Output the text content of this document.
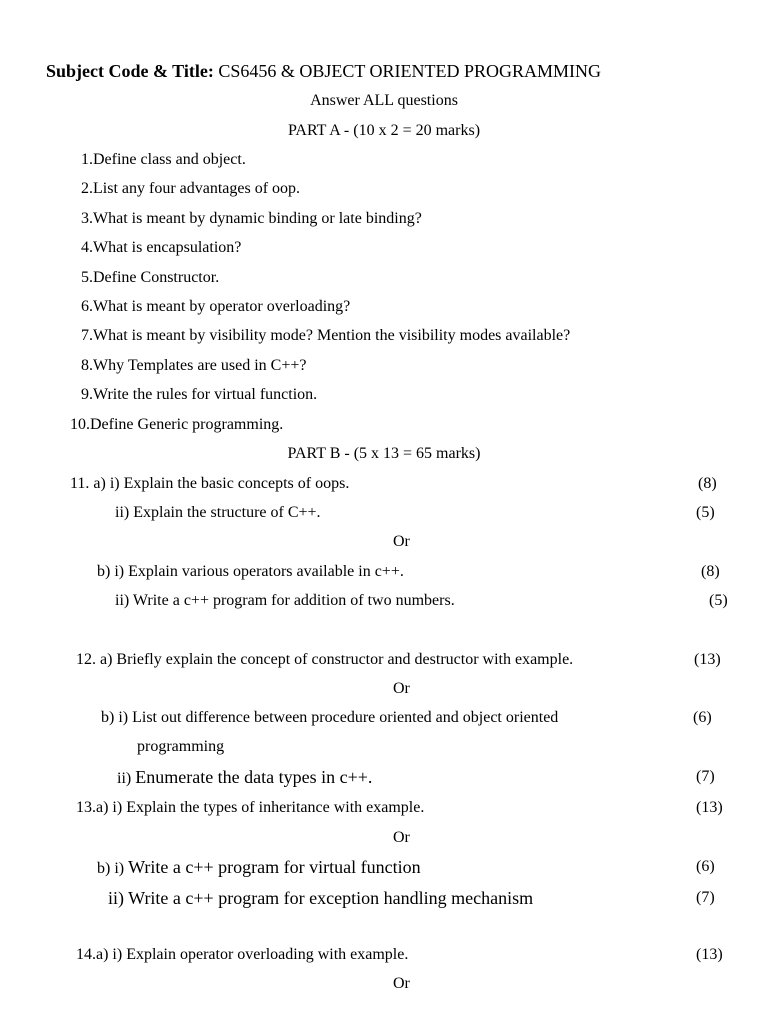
Subject Code & Title: CS6456 & OBJECT ORIENTED PROGRAMMING
Answer ALL questions
PART A - (10 x 2 = 20 marks)
1.Define class and object.
2.List any four advantages of oop.
3.What is meant by dynamic binding or late binding?
4.What is encapsulation?
5.Define Constructor.
6.What is meant by operator overloading?
7.What is meant by visibility mode? Mention the visibility modes available?
8.Why Templates are used in C++?
9.Write the rules for virtual function.
10.Define Generic programming.
PART B - (5 x 13 = 65 marks)
11. a) i) Explain the basic concepts of oops.	(8)
ii) Explain the structure of C++.	(5)
Or
b) i) Explain various operators available in c++.	(8)
ii) Write a c++ program for addition of two numbers.	(5)
12. a) Briefly explain the concept of constructor and destructor with example.	(13)
Or
b) i) List out difference between procedure oriented and object oriented	(6)
programming
ii) Enumerate the data types in c++.	(7)
13.a) i) Explain the types of inheritance with example.	(13)
Or
b) i) Write a c++ program for virtual function	(6)
ii) Write a c++ program for exception handling mechanism	(7)
14.a) i) Explain operator overloading with example.	(13)
Or
